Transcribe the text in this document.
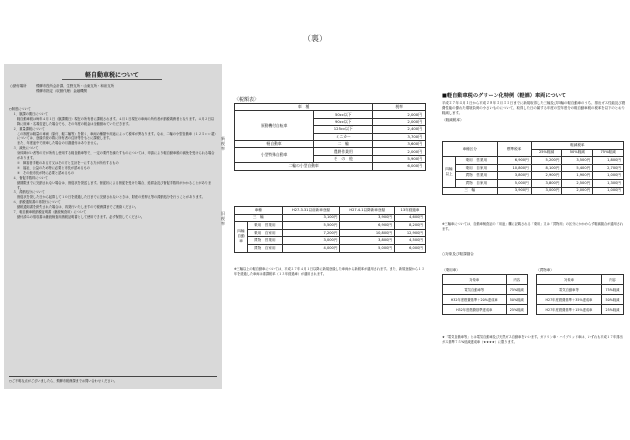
（裏）
軽自動車税について
○納付場所	飛騨市役所会計課、生野支所・山東支所・和泉支所
飛騨市指定（収納代理）金融機関

○制度について

１．賦課の期日について

軽自動車税は毎年４月１日（賦課期日）現在の所有者に課税されます。４月１日現在の車両の所有者が納税義務者となります。４月２日以降に廃車・名義変更した場合でも、その年度の税金は全額納めていただきます。

２．重量課税について

この制度は軽量の車両（原付、軽二輪等）を除く、車両の種類や用途によって税率が異なります。なお、二輪の小型自動車（１２５ｃｃ超）については、登録手続の際に所有者の住所等をもとに課税します。

また、年度途中で廃車した場合の月割還付はありません。

３．減免について

身体障がい者等の方が所有し使用する軽自動車等で、一定の要件を満たすものについては、申請により軽自動車税の減免を受けられる場合があります。

①　障害者手帳のある方又はその方と生計を一にする方が所有するもの

②　福祉、公益のため特に必要と市長が認めるもの

③　その他市長が特に必要と認めるもの

４．督促手数料について

納期限までに完納されない場合は、督促状を発送します。督促状による督促を受けた場合、延滞金及び督促手数料がかかることがあります。

５．滞納処分について

督促状を発した日から起算して１０日を経過した日までに完納されないときは、財産の差押え等の滞納処分を行うことがあります。

６．納税通知書の再発行について

納税通知書を紛失された場合は、再発行いたしますので税務課までご連絡ください。

７．軽自動車税納税証明書（継続検査用）について

納付済みの領収書は継続検査用納税証明書として使用できます。必ず保管してください。

○ご不明な点がございましたら、飛騨市税務課までお問い合わせください。
〈税額表〉
車　 種		税率
原動機付自転車	50cc以下	2,000円
	90cc以下	2,000円
	125cc以下	2,400円
	ミニカー	3,700円
軽自動車	二　輪	3,600円
小型特殊自動車	農耕作業用	2,000円
	そ　の　他	5,900円
二輪の小型自動車		6,000円
新税率
旧税率
車種		H27.3.31以前新車登録	H27.4.1以降新車登録	13年経過車
三　輪		3,100円	3,900円	4,600円
四輪自動車	乗用　営業用	5,500円	6,900円	8,200円
	乗用　自家用	7,200円	10,800円	12,900円
	貨物　営業用	3,000円	3,800円	4,500円
	貨物　自家用	4,000円	5,000円	6,000円
※三輪以上の軽自動車については、平成２７年４月１日以降に新規登録した車両から新税率が適用されます。また、新規登録から１３年を経過した車両は重課税率（１３年経過車）が適用されます。
■軽自動車税のグリーン化特例（軽課）車両について
平成２７年４月１日から平成２８年３月３１日までに新規取得した三輪及び四輪の軽自動車のうち、排出ガス性能及び燃費性能の優れた環境負荷の小さいものについて、取得した日の属する年度の翌年度分の軽自動車税の税率を以下のとおり軽減します。
〈軽減税率〉
車種区分		標準税率	軽減税率		
			25%軽減	50%軽減	75%軽減
四輪以上	乗用　営業用	6,900円	5,200円	3,500円	1,800円
	乗用　自家用	10,800円	8,100円	5,400円	2,700円
	貨物　営業用	3,800円	2,900円	1,900円	1,000円
	貨物　自家用	5,000円	3,800円	2,500円	1,300円
三　輪		3,900円	3,000円	2,000円	1,000円
※三輪車については、自動車検査証の「用途」欄に記載される「乗用」又は「貨物用」の区分にかかわらず軽減割合が適用されます。
○対象及び軽課割合
〈乗用車〉
対象車	内容
電気自動車等	75%軽減
H32年度燃費基準＋20%達成車	50%軽減
H32年度燃費基準達成車	25%軽減
〈貨物車〉
対象車	内容
電気自動車等	75%軽減
H27年度燃費基準＋35%達成車	50%軽減
H27年度燃費基準＋15%達成車	25%軽減
★「電気自動車等」とは電気自動車及び天然ガス自動車をいいます。ガソリン車・ハイブリッド車は、いずれも平成１７年排出ガス基準７５%低減達成車（★★★★）に限ります。
